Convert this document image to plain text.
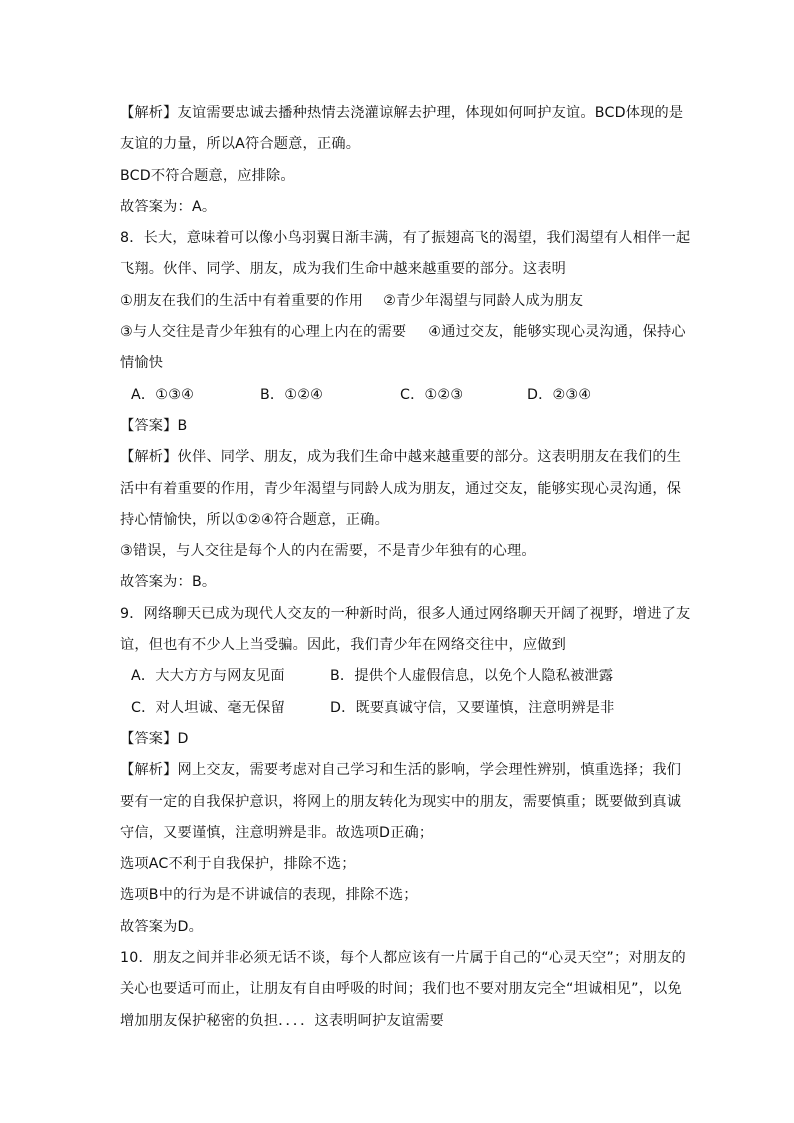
【解析】友谊需要忠诚去播种热情去浇灌谅解去护理，体现如何呵护友谊。BCD体现的是
友谊的力量，所以A符合题意，正确。
BCD不符合题意，应排除。
故答案为：A。
8．长大，意味着可以像小鸟羽翼日渐丰满，有了振翅高飞的渴望，我们渴望有人相伴一起
飞翔。伙伴、同学、朋友，成为我们生命中越来越重要的部分。这表明
①朋友在我们的生活中有着重要的作用 ②青少年渴望与同龄人成为朋友
③与人交往是青少年独有的心理上内在的需要 ④通过交友，能够实现心灵沟通，保持心
情愉快
A．①③④	B．①②④	C．①②③	D．②③④
【答案】B
【解析】伙伴、同学、朋友，成为我们生命中越来越重要的部分。这表明朋友在我们的生
活中有着重要的作用，青少年渴望与同龄人成为朋友，通过交友，能够实现心灵沟通，保
持心情愉快，所以①②④符合题意，正确。
③错误，与人交往是每个人的内在需要，不是青少年独有的心理。
故答案为：B。
9．网络聊天已成为现代人交友的一种新时尚，很多人通过网络聊天开阔了视野，增进了友
谊，但也有不少人上当受骗。因此，我们青少年在网络交往中，应做到
A．大大方方与网友见面	B．提供个人虚假信息，以免个人隐私被泄露
C．对人坦诚、毫无保留	D．既要真诚守信，又要谨慎，注意明辨是非
【答案】D
【解析】网上交友，需要考虑对自己学习和生活的影响，学会理性辨别，慎重选择；我们
要有一定的自我保护意识，将网上的朋友转化为现实中的朋友，需要慎重；既要做到真诚
守信，又要谨慎，注意明辨是非。故选项D正确；
选项AC不利于自我保护，排除不选；
选项B中的行为是不讲诚信的表现，排除不选；
故答案为D。
10．朋友之间并非必须无话不谈，每个人都应该有一片属于自己的“心灵天空”；对朋友的
关心也要适可而止，让朋友有自由呼吸的时间；我们也不要对朋友完全“坦诚相见”，以免
增加朋友保护秘密的负担．．．．这表明呵护友谊需要
